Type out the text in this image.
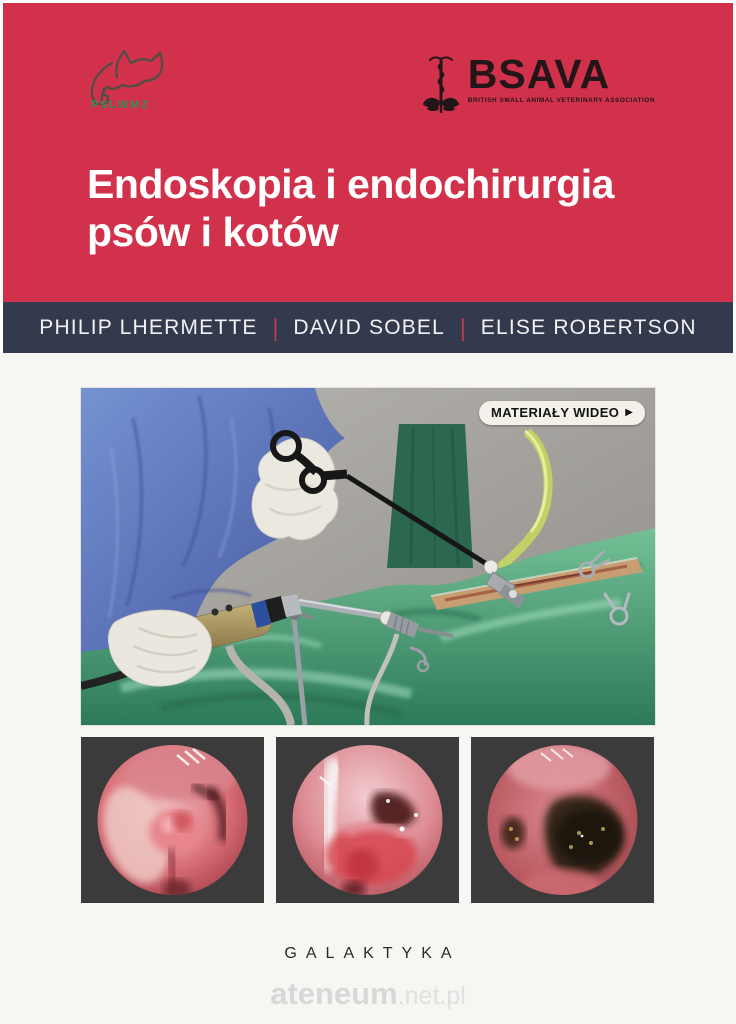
PSLWMZ
BSAVA
BRITISH SMALL ANIMAL VETERINARY ASSOCIATION
Endoskopia i endochirurgia
psów i kotów
PHILIP LHERMETTE | DAVID SOBEL | ELISE ROBERTSON
MATERIAŁY WIDEO ▶
GALAKTYKA
ateneum.net.pl
